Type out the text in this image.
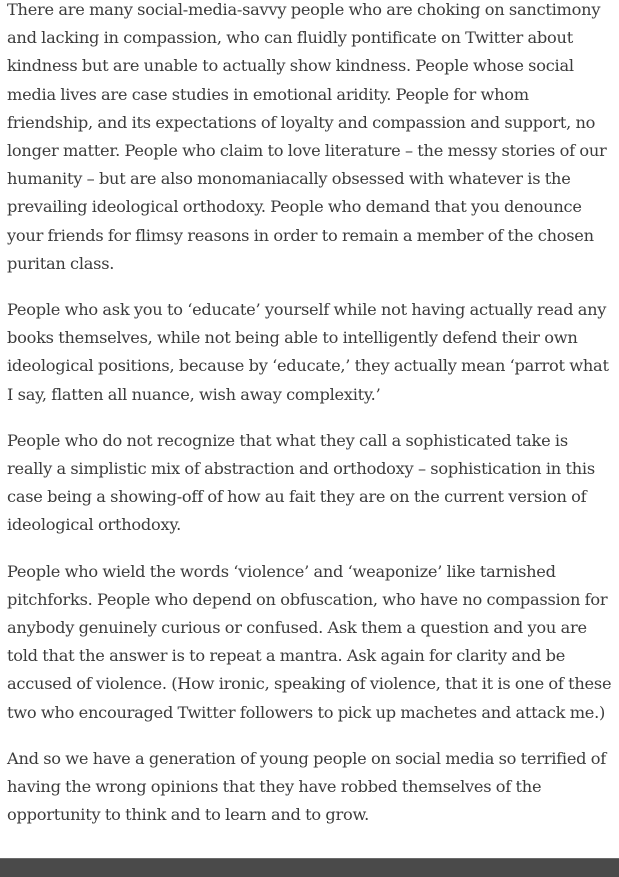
There are many social-media-savvy people who are choking on sanctimony and lacking in compassion, who can fluidly pontificate on Twitter about kindness but are unable to actually show kindness. People whose social media lives are case studies in emotional aridity. People for whom friendship, and its expectations of loyalty and compassion and support, no longer matter. People who claim to love literature – the messy stories of our humanity – but are also monomaniacally obsessed with whatever is the prevailing ideological orthodoxy. People who demand that you denounce your friends for flimsy reasons in order to remain a member of the chosen puritan class.

People who ask you to ‘educate’ yourself while not having actually read any books themselves, while not being able to intelligently defend their own ideological positions, because by ‘educate,’ they actually mean ‘parrot what I say, flatten all nuance, wish away complexity.’

People who do not recognize that what they call a sophisticated take is really a simplistic mix of abstraction and orthodoxy – sophistication in this case being a showing-off of how au fait they are on the current version of ideological orthodoxy.

People who wield the words ‘violence’ and ‘weaponize’ like tarnished pitchforks. People who depend on obfuscation, who have no compassion for anybody genuinely curious or confused. Ask them a question and you are told that the answer is to repeat a mantra. Ask again for clarity and be accused of violence. (How ironic, speaking of violence, that it is one of these two who encouraged Twitter followers to pick up machetes and attack me.)

And so we have a generation of young people on social media so terrified of having the wrong opinions that they have robbed themselves of the opportunity to think and to learn and to grow.
